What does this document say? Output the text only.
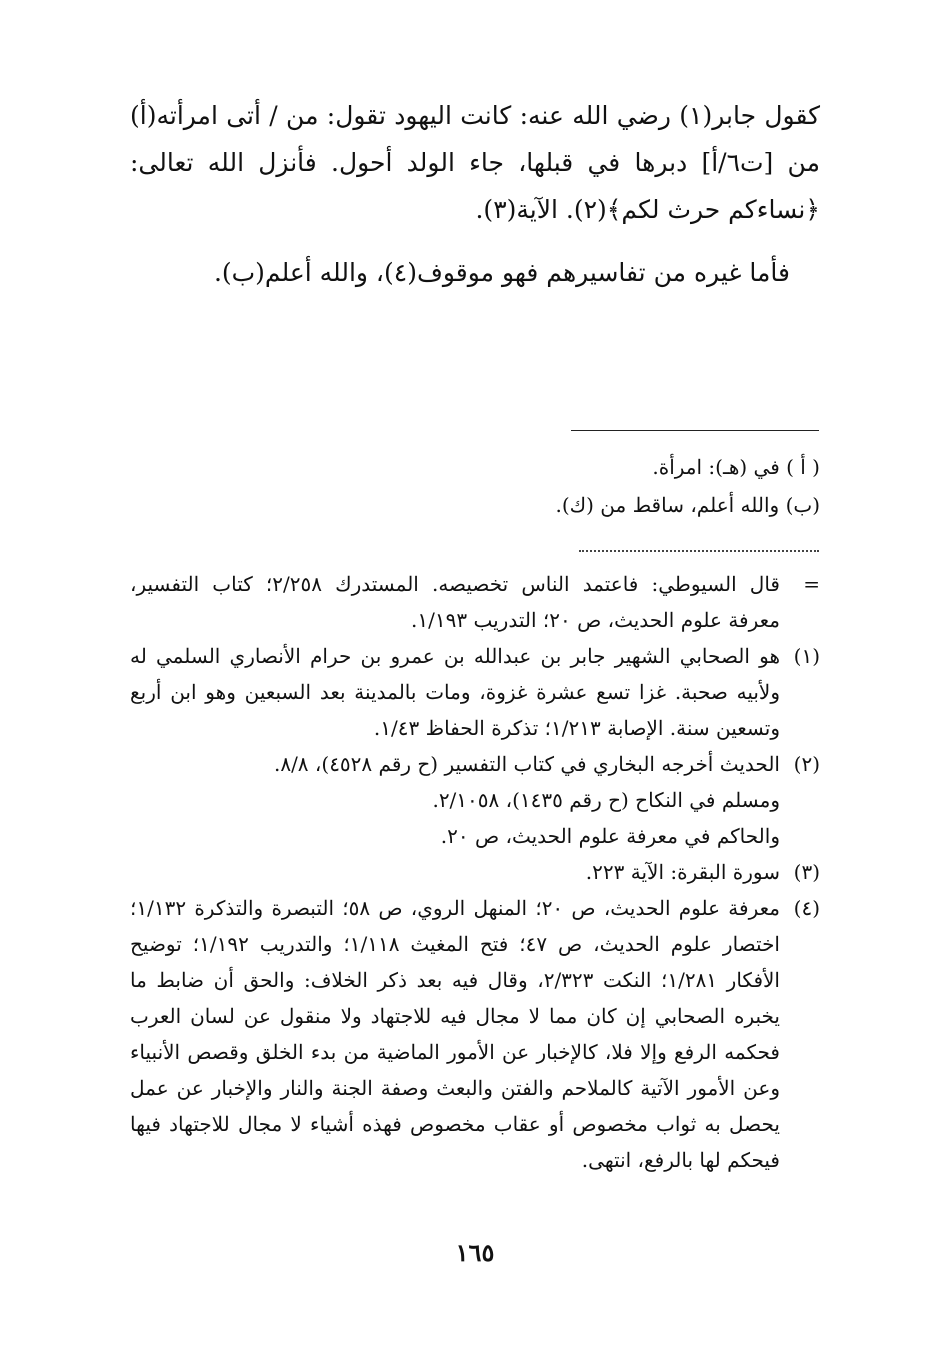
كقول جابر(١) رضي الله عنه: كانت اليهود تقول: من / أتى امرأته(أ) من [ت٦/أ] دبرها في قبلها، جاء الولد أحول. فأنزل الله تعالى: ﴿نساءكم حرث لكم﴾(٢). الآية(٣).

فأما غيره من تفاسيرهم فهو موقوف(٤)، والله أعلم(ب).

( أ ) في (هـ): امرأة.

(ب) والله أعلم، ساقط من (ك).

=

قال السيوطي: فاعتمد الناس تخصيصه. المستدرك ٢/٢٥٨؛ كتاب التفسير، معرفة علوم الحديث، ص ٢٠؛ التدريب ١/١٩٣.

(١)

هو الصحابي الشهير جابر بن عبدالله بن عمرو بن حرام الأنصاري السلمي له ولأبيه صحبة. غزا تسع عشرة غزوة، ومات بالمدينة بعد السبعين وهو ابن أربع وتسعين سنة. الإصابة ١/٢١٣؛ تذكرة الحفاظ ١/٤٣.

(٢)

الحديث أخرجه البخاري في كتاب التفسير (ح رقم ٤٥٢٨)، ٨/٨.

ومسلم في النكاح (ح رقم ١٤٣٥)، ٢/١٠٥٨.

والحاكم في معرفة علوم الحديث، ص ٢٠.

(٣)

سورة البقرة: الآية ٢٢٣.

(٤)

معرفة علوم الحديث، ص ٢٠؛ المنهل الروي، ص ٥٨؛ التبصرة والتذكرة ١/١٣٢؛ اختصار علوم الحديث، ص ٤٧؛ فتح المغيث ١/١١٨؛ والتدريب ١/١٩٢؛ توضيح الأفكار ١/٢٨١؛ النكت ٢/٣٢٣، وقال فيه بعد ذكر الخلاف: والحق أن ضابط ما يخبره الصحابي إن كان مما لا مجال فيه للاجتهاد ولا منقول عن لسان العرب فحكمه الرفع وإلا فلا، كالإخبار عن الأمور الماضية من بدء الخلق وقصص الأنبياء وعن الأمور الآتية كالملاحم والفتن والبعث وصفة الجنة والنار والإخبار عن عمل يحصل به ثواب مخصوص أو عقاب مخصوص فهذه أشياء لا مجال للاجتهاد فيها فيحكم لها بالرفع، انتهى.

١٦٥
